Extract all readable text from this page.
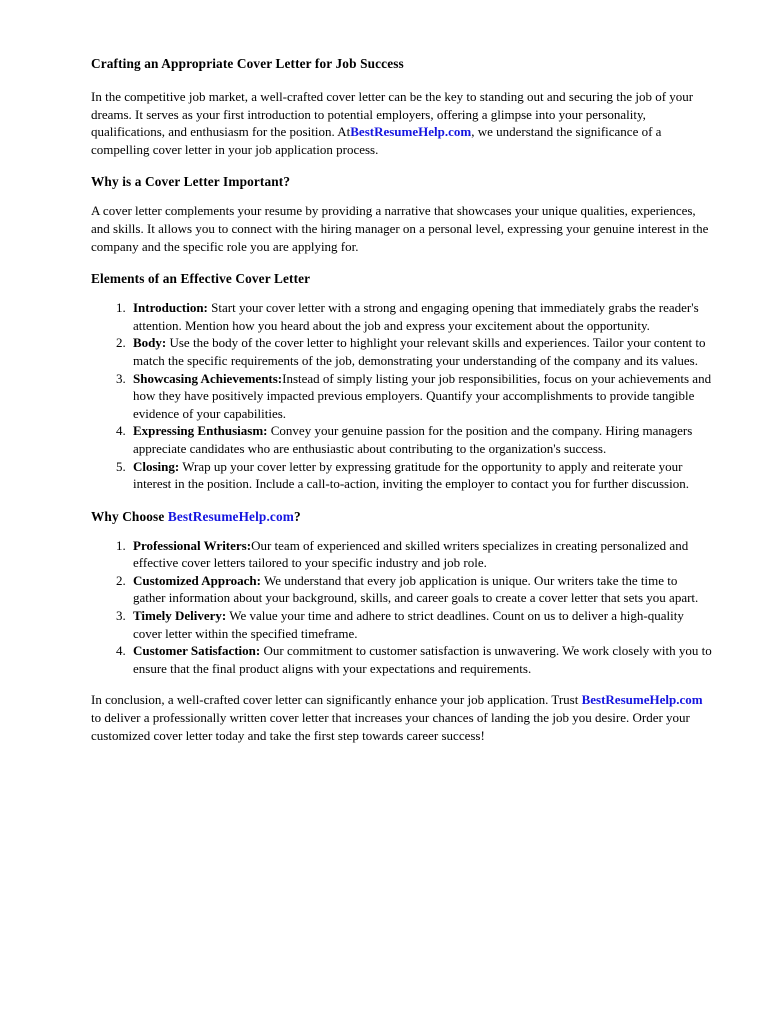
Crafting an Appropriate Cover Letter for Job Success

In the competitive job market, a well-crafted cover letter can be the key to standing out and securing the job of your dreams. It serves as your first introduction to potential employers, offering a glimpse into your personality, qualifications, and enthusiasm for the position. AtBestResumeHelp.com, we understand the significance of a compelling cover letter in your job application process.

Why is a Cover Letter Important?

A cover letter complements your resume by providing a narrative that showcases your unique qualities, experiences, and skills. It allows you to connect with the hiring manager on a personal level, expressing your genuine interest in the company and the specific role you are applying for.

Elements of an Effective Cover Letter
1. Introduction: Start your cover letter with a strong and engaging opening that immediately grabs the reader's attention. Mention how you heard about the job and express your excitement about the opportunity.
2. Body: Use the body of the cover letter to highlight your relevant skills and experiences. Tailor your content to match the specific requirements of the job, demonstrating your understanding of the company and its values.
3. Showcasing Achievements:Instead of simply listing your job responsibilities, focus on your achievements and how they have positively impacted previous employers. Quantify your accomplishments to provide tangible evidence of your capabilities.
4. Expressing Enthusiasm: Convey your genuine passion for the position and the company. Hiring managers appreciate candidates who are enthusiastic about contributing to the organization's success.
5. Closing: Wrap up your cover letter by expressing gratitude for the opportunity to apply and reiterate your interest in the position. Include a call-to-action, inviting the employer to contact you for further discussion.
Why Choose BestResumeHelp.com?
1. Professional Writers:Our team of experienced and skilled writers specializes in creating personalized and effective cover letters tailored to your specific industry and job role.
2. Customized Approach: We understand that every job application is unique. Our writers take the time to gather information about your background, skills, and career goals to create a cover letter that sets you apart.
3. Timely Delivery: We value your time and adhere to strict deadlines. Count on us to deliver a high-quality cover letter within the specified timeframe.
4. Customer Satisfaction: Our commitment to customer satisfaction is unwavering. We work closely with you to ensure that the final product aligns with your expectations and requirements.

In conclusion, a well-crafted cover letter can significantly enhance your job application. Trust BestResumeHelp.com to deliver a professionally written cover letter that increases your chances of landing the job you desire. Order your customized cover letter today and take the first step towards career success!
